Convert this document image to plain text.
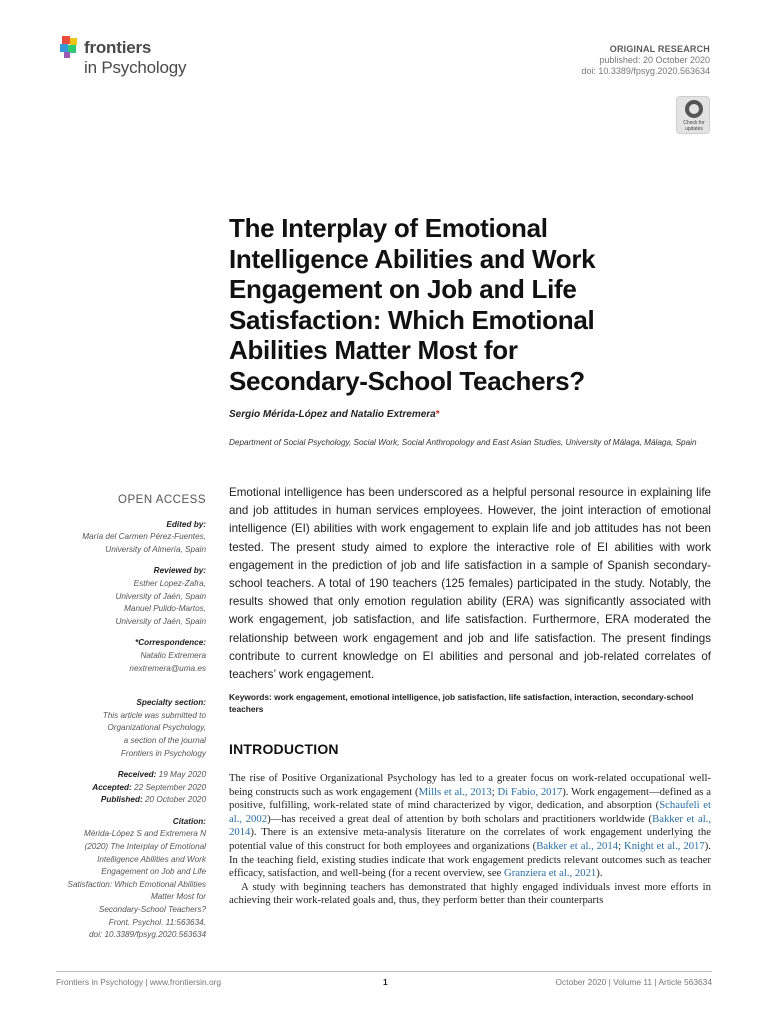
frontiers
in Psychology
ORIGINAL RESEARCH
published: 20 October 2020
doi: 10.3389/fpsyg.2020.563634
Check for updates
The Interplay of Emotional Intelligence Abilities and Work Engagement on Job and Life Satisfaction: Which Emotional Abilities Matter Most for Secondary-School Teachers?
Sergio Mérida-López and Natalio Extremera*
Department of Social Psychology, Social Work, Social Anthropology and East Asian Studies, University of Málaga, Málaga, Spain
OPEN ACCESS
Edited by:
María del Carmen Pérez-Fuentes,
University of Almería, Spain
Reviewed by:
Esther Lopez-Zafra,
University of Jaén, Spain
Manuel Pulido-Martos,
University of Jaén, Spain
*Correspondence:
Natalio Extremera
nextremera@uma.es
Specialty section:
This article was submitted to
Organizational Psychology,
a section of the journal
Frontiers in Psychology
Received: 19 May 2020
Accepted: 22 September 2020
Published: 20 October 2020
Citation:
Mérida-López S and Extremera N
(2020) The Interplay of Emotional
Intelligence Abilities and Work
Engagement on Job and Life
Satisfaction: Which Emotional Abilities
Matter Most for
Secondary-School Teachers?
Front. Psychol. 11:563634.
doi: 10.3389/fpsyg.2020.563634
Emotional intelligence has been underscored as a helpful personal resource in explaining life and job attitudes in human services employees. However, the joint interaction of emotional intelligence (EI) abilities with work engagement to explain life and job attitudes has not been tested. The present study aimed to explore the interactive role of EI abilities with work engagement in the prediction of job and life satisfaction in a sample of Spanish secondary-school teachers. A total of 190 teachers (125 females) participated in the study. Notably, the results showed that only emotion regulation ability (ERA) was significantly associated with work engagement, job satisfaction, and life satisfaction. Furthermore, ERA moderated the relationship between work engagement and job and life satisfaction. The present findings contribute to current knowledge on EI abilities and personal and job-related correlates of teachers’ work engagement.
Keywords: work engagement, emotional intelligence, job satisfaction, life satisfaction, interaction, secondary-school teachers
INTRODUCTION

The rise of Positive Organizational Psychology has led to a greater focus on work-related occupational well-being constructs such as work engagement (Mills et al., 2013; Di Fabio, 2017). Work engagement—defined as a positive, fulfilling, work-related state of mind characterized by vigor, dedication, and absorption (Schaufeli et al., 2002)—has received a great deal of attention by both scholars and practitioners worldwide (Bakker et al., 2014). There is an extensive meta-analysis literature on the correlates of work engagement underlying the potential value of this construct for both employees and organizations (Bakker et al., 2014; Knight et al., 2017). In the teaching field, existing studies indicate that work engagement predicts relevant outcomes such as teacher efficacy, satisfaction, and well-being (for a recent overview, see Granziera et al., 2021).

A study with beginning teachers has demonstrated that highly engaged individuals invest more efforts in achieving their work-related goals and, thus, they perform better than their counterparts

Frontiers in Psychology | www.frontiersin.org	1	October 2020 | Volume 11 | Article 563634
